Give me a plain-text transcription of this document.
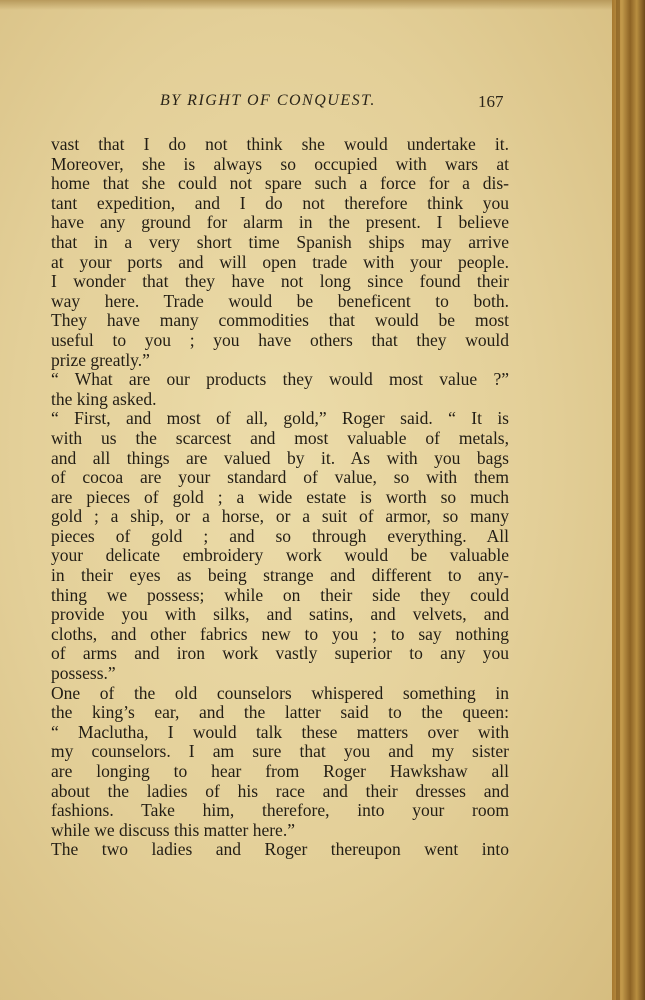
BY RIGHT OF CONQUEST.	167
vast that I do not think she would undertake it.
Moreover, she is always so occupied with wars at
home that she could not spare such a force for a dis-
tant expedition, and I do not therefore think you
have any ground for alarm in the present. I believe
that in a very short time Spanish ships may arrive
at your ports and will open trade with your people.
I wonder that they have not long since found their
way here. Trade would be beneficent to both.
They have many commodities that would be most
useful to you ; you have others that they would
prize greatly.”
“ What are our products they would most value ?”
the king asked.
“ First, and most of all, gold,” Roger said. “ It is
with us the scarcest and most valuable of metals,
and all things are valued by it. As with you bags
of cocoa are your standard of value, so with them
are pieces of gold ; a wide estate is worth so much
gold ; a ship, or a horse, or a suit of armor, so many
pieces of gold ; and so through everything. All
your delicate embroidery work would be valuable
in their eyes as being strange and different to any-
thing we possess; while on their side they could
provide you with silks, and satins, and velvets, and
cloths, and other fabrics new to you ; to say nothing
of arms and iron work vastly superior to any you
possess.”
One of the old counselors whispered something in
the king’s ear, and the latter said to the queen:
“ Maclutha, I would talk these matters over with
my counselors. I am sure that you and my sister
are longing to hear from Roger Hawkshaw all
about the ladies of his race and their dresses and
fashions. Take him, therefore, into your room
while we discuss this matter here.”
The two ladies and Roger thereupon went into
